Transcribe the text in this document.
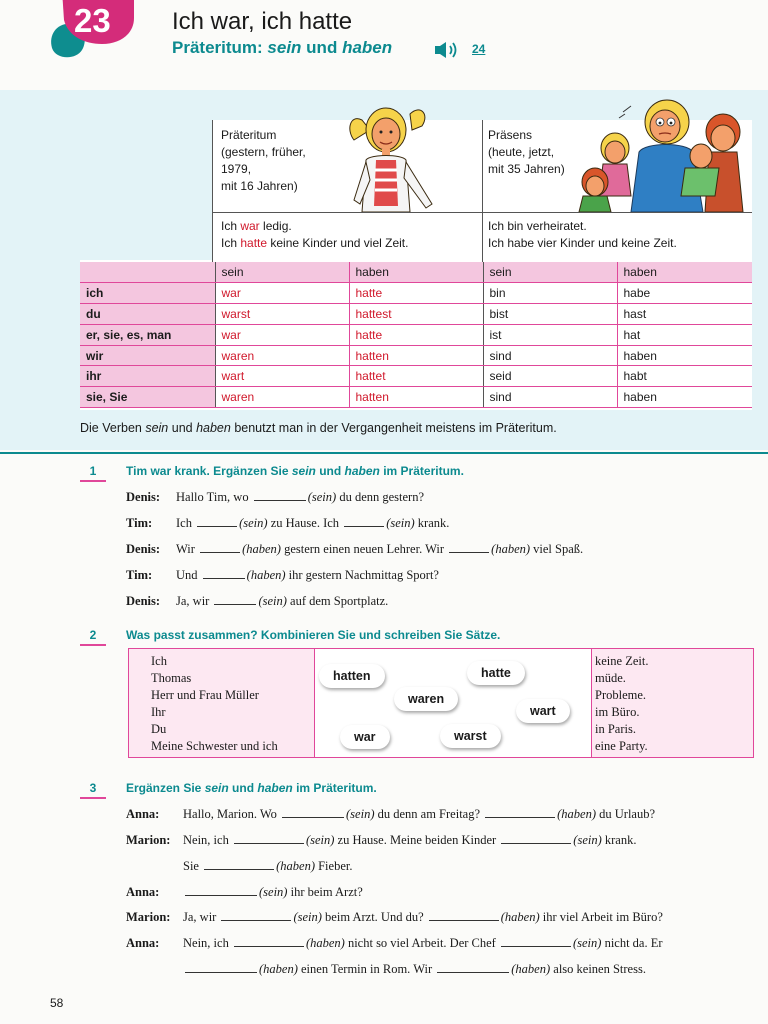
23	Ich war, ich hatte
Präteritum: sein und haben	24
Präteritum
(gestern, früher,
1979,
mit 16 Jahren)
Präsens
(heute, jetzt,
mit 35 Jahren)
Ich war ledig.
Ich hatte keine Kinder und viel Zeit.
Ich bin verheiratet.
Ich habe vier Kinder und keine Zeit.
	sein	haben	sein	haben
ich	war	hatte	bin	habe
du	warst	hattest	bist	hast
er, sie, es, man	war	hatte	ist	hat
wir	waren	hatten	sind	haben
ihr	wart	hattet	seid	habt
sie, Sie	waren	hatten	sind	haben
Die Verben sein und haben benutzt man in der Vergangenheit meistens im Präteritum.
1	Tim war krank. Ergänzen Sie sein und haben im Präteritum.
Denis: Hallo Tim, wo	(sein) du denn gestern?
Tim: Ich	(sein) zu Hause. Ich	(sein) krank.
Denis: Wir	(haben) gestern einen neuen Lehrer. Wir	(haben) viel Spaß.
Tim: Und	(haben) ihr gestern Nachmittag Sport?
Denis: Ja, wir	(sein) auf dem Sportplatz.
2	Was passt zusammen? Kombinieren Sie und schreiben Sie Sätze.
Ich
Thomas
Herr und Frau Müller
Ihr
Du
Meine Schwester und ich
hatten	hatte
waren
wart
war	warst
keine Zeit.
müde.
Probleme.
im Büro.
in Paris.
eine Party.
3	Ergänzen Sie sein und haben im Präteritum.
Anna: Hallo, Marion. Wo	(sein) du denn am Freitag?	(haben) du Urlaub?
Marion: Nein, ich	(sein) zu Hause. Meine beiden Kinder	(sein) krank.
Sie	(haben) Fieber.
Anna:	(sein) ihr beim Arzt?
Marion: Ja, wir	(sein) beim Arzt. Und du?	(haben) ihr viel Arbeit im Büro?
Anna: Nein, ich	(haben) nicht so viel Arbeit. Der Chef	(sein) nicht da. Er
(haben) einen Termin in Rom. Wir	(haben) also keinen Stress.
58
